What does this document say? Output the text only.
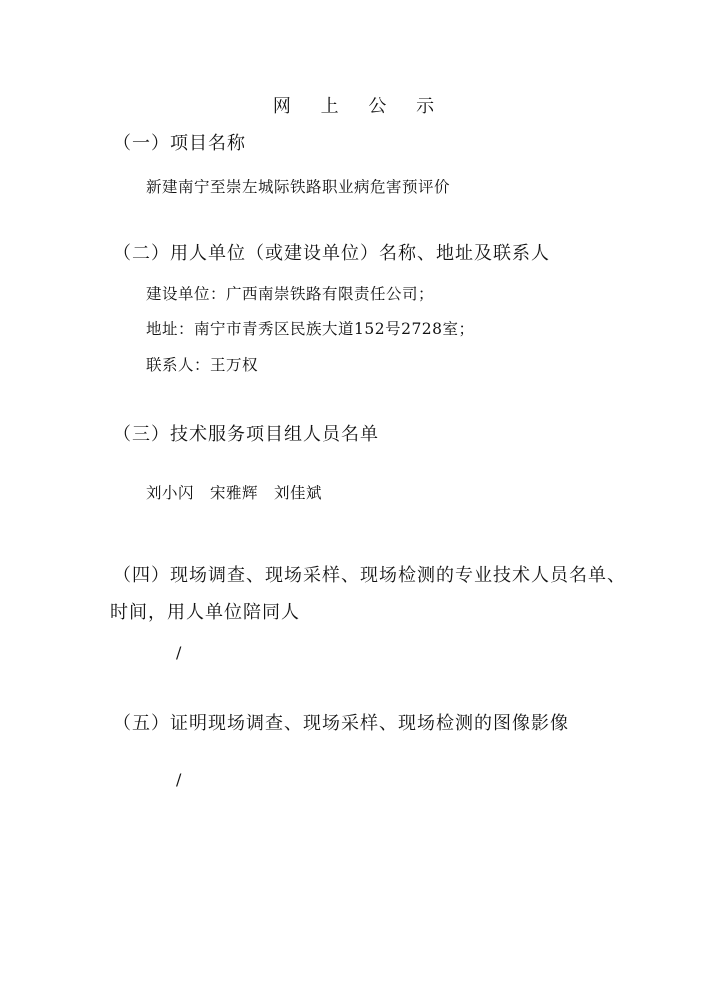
网 上 公 示
（一）项目名称
新建南宁至崇左城际铁路职业病危害预评价
（二）用人单位（或建设单位）名称、地址及联系人
建设单位：广西南崇铁路有限责任公司；
地址：南宁市青秀区民族大道152号2728室；
联系人：王万权
（三）技术服务项目组人员名单
刘小闪　宋雅辉　刘佳斌
（四）现场调查、现场采样、现场检测的专业技术人员名单、
时间，用人单位陪同人
/
（五）证明现场调查、现场采样、现场检测的图像影像
/
